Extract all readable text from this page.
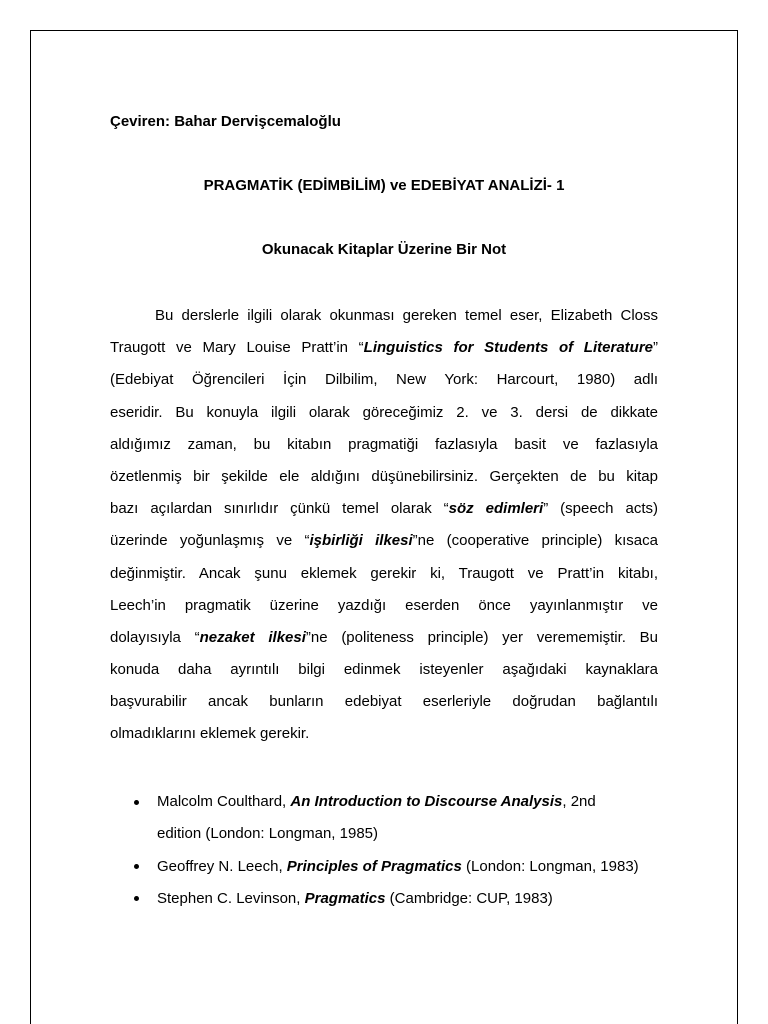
Çeviren: Bahar Dervişcemaloğlu
PRAGMATİK (EDİMBİLİM) ve EDEBİYAT ANALİZİ- 1
Okunacak Kitaplar Üzerine Bir Not
Bu derslerle ilgili olarak okunması gereken temel eser, Elizabeth Closs
Traugott ve Mary Louise Pratt’in “Linguistics for Students of Literature”
(Edebiyat Öğrencileri İçin Dilbilim, New York: Harcourt, 1980) adlı
eseridir. Bu konuyla ilgili olarak göreceğimiz 2. ve 3. dersi de dikkate
aldığımız zaman, bu kitabın pragmatiği fazlasıyla basit ve fazlasıyla
özetlenmiş bir şekilde ele aldığını düşünebilirsiniz. Gerçekten de bu kitap
bazı açılardan sınırlıdır çünkü temel olarak “söz edimleri” (speech acts)
üzerinde yoğunlaşmış ve “işbirliği ilkesi”ne (cooperative principle) kısaca
değinmiştir. Ancak şunu eklemek gerekir ki, Traugott ve Pratt’in kitabı,
Leech’in pragmatik üzerine yazdığı eserden önce yayınlanmıştır ve
dolayısıyla “nezaket ilkesi”ne (politeness principle) yer verememiştir. Bu
konuda daha ayrıntılı bilgi edinmek isteyenler aşağıdaki kaynaklara
başvurabilir ancak bunların edebiyat eserleriyle doğrudan bağlantılı
olmadıklarını eklemek gerekir.
Malcolm Coulthard, An Introduction to Discourse Analysis, 2nd
edition (London: Longman, 1985)
Geoffrey N. Leech, Principles of Pragmatics (London: Longman, 1983)
Stephen C. Levinson, Pragmatics (Cambridge: CUP, 1983)
